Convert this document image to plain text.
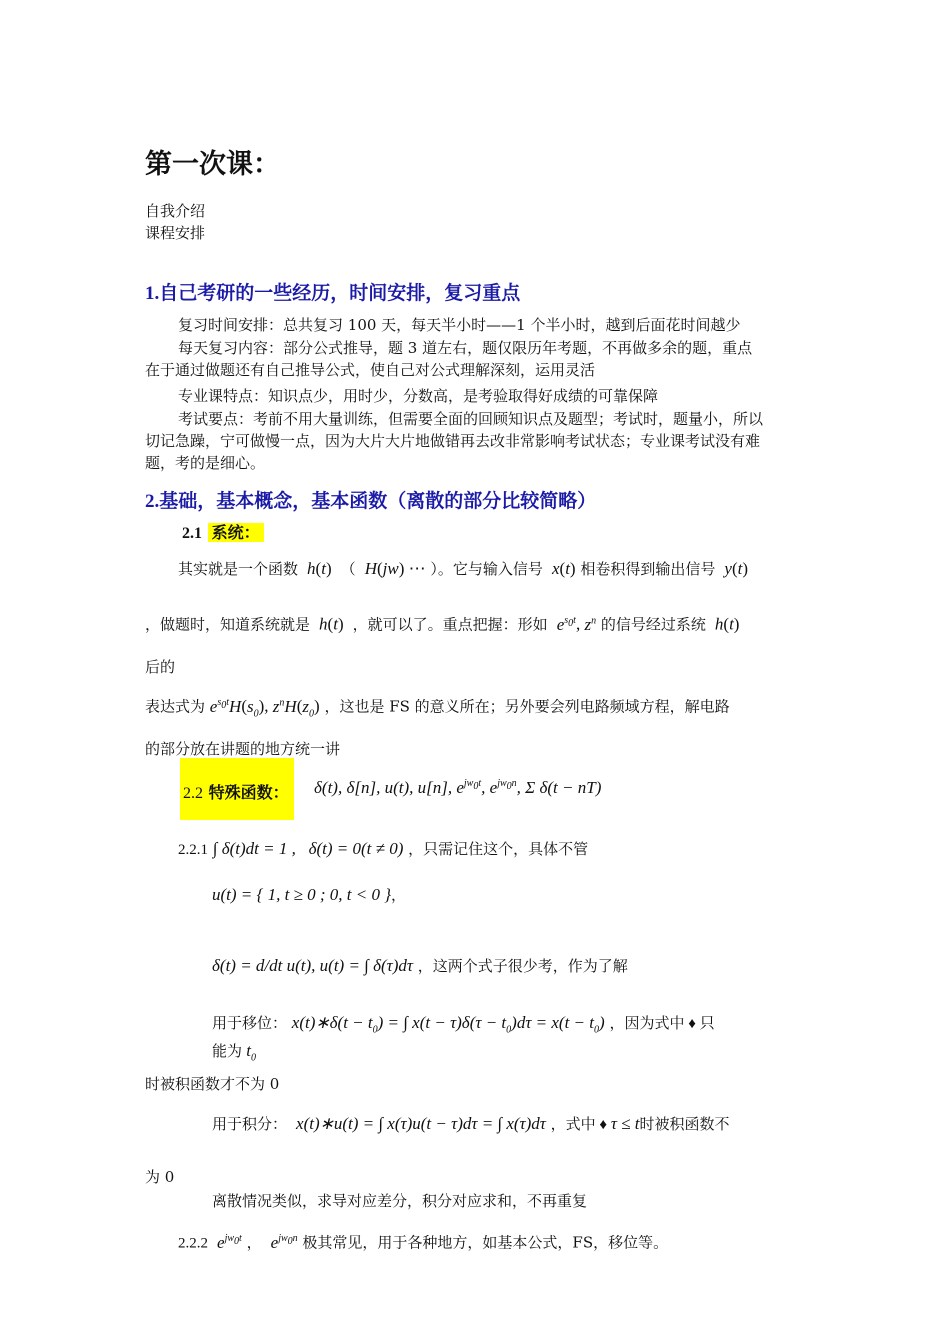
第一次课：
自我介绍
课程安排
1.自己考研的一些经历，时间安排，复习重点
复习时间安排：总共复习 100 天，每天半小时——1 个半小时，越到后面花时间越少
每天复习内容：部分公式推导，题 3 道左右，题仅限历年考题，不再做多余的题，重点
在于通过做题还有自己推导公式，使自己对公式理解深刻，运用灵活
专业课特点：知识点少，用时少，分数高，是考验取得好成绩的可靠保障
考试要点：考前不用大量训练，但需要全面的回顾知识点及题型；考试时，题量小，所以
切记急躁，宁可做慢一点，因为大片大片地做错再去改非常影响考试状态；专业课考试没有难
题，考的是细心。
2.基础，基本概念，基本函数（离散的部分比较简略）
2.1 系统：
其实就是一个函数  h(t)  （  H(jw) ⋯ ）。它与输入信号  x(t) 相卷积得到输出信号  y(t)
，做题时，知道系统就是  h(t)  ，就可以了。重点把握：形如  $e^{s_0t}$, $z^n$ 的信号经过系统  h(t)
后的
表达式为 $e^{s_0t}H(s_0)$, $z^nH(z_0)$ ，这也是 FS 的意义所在；另外要会列电路频域方程，解电路
的部分放在讲题的地方统一讲
2.2 特殊函数： δ(t), δ[n], u(t), u[n], $e^{jw_0t}$, $e^{jw_0n}$, Σ δ(t − nT)
2.2.1 ∫ δ(t)dt = 1 ,   δ(t) = 0(t ≠ 0) ，只需记住这个，具体不管
u(t) = { 1, t ≥ 0 ; 0, t < 0 }，
δ(t) = d/dt u(t), u(t) = ∫ δ(τ)dτ ，这两个式子很少考，作为了解
用于移位： x(t)∗δ(t − $t_0$) = ∫ $x(t - \tau)\delta(\tau - t_0)d\tau = x(t - t_0)$ ，因为式中 ♦ 只
能为 $t_0$
时被积函数才不为 0
用于积分：  x(t)∗u(t) = ∫ x(τ)u(t − τ)dτ = ∫ x(τ)dτ ，式中 ♦ τ ≤ t时被积函数不
为 0
离散情况类似，求导对应差分，积分对应求和，不再重复
2.2.2  $e^{jw_0t}$ ，  $e^{jw_0n}$ 极其常见，用于各种地方，如基本公式，FS，移位等。
